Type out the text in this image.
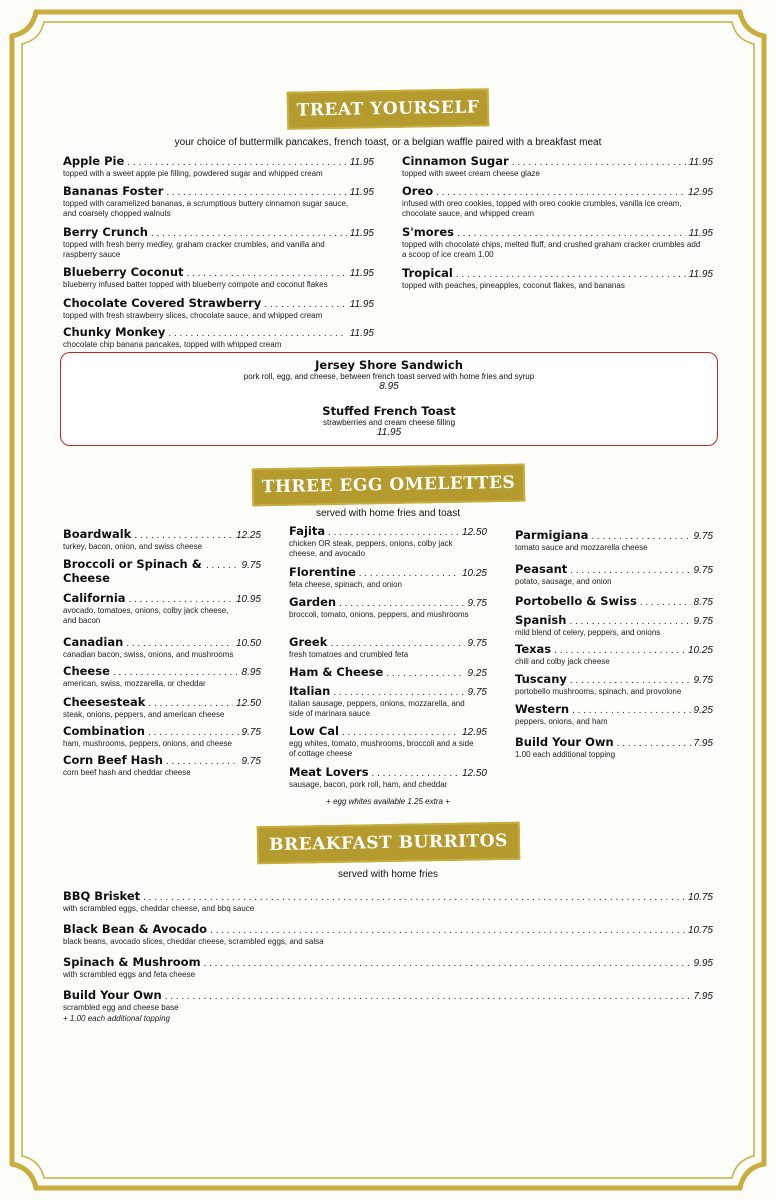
TREAT YOURSELF
your choice of buttermilk pancakes, french toast, or a belgian waffle paired with a breakfast meat
Apple Pie . . .	11.95
topped with a sweet apple pie filling, powdered sugar and whipped cream
Bananas Foster . . .	11.95
topped with caramelized bananas, a scrumptious buttery cinnamon sugar sauce, and coarsely chopped walnuts
Berry Crunch . . .	11.95
topped with fresh berry medley, graham cracker crumbles, and vanilla and raspberry sauce
Blueberry Coconut . . .	11.95
blueberry infused batter topped with blueberry compote and coconut flakes
Chocolate Covered Strawberry . . .	11.95
topped with fresh strawberry slices, chocolate sauce, and whipped cream
Chunky Monkey . . .	11.95
chocolate chip banana pancakes, topped with whipped cream
Cinnamon Sugar . . .	11.95
topped with sweet cream cheese glaze
Oreo . . .	12.95
infused with oreo cookies, topped with oreo cookie crumbles, vanilla ice cream, chocolate sauce, and whipped cream
S'mores . . .	11.95
topped with chocolate chips, melted fluff, and crushed graham cracker crumbles add a scoop of ice cream 1.00
Tropical . . .	11.95
topped with peaches, pineapples, coconut flakes, and bananas
Jersey Shore Sandwich
pork roll, egg, and cheese, between french toast served with home fries and syrup
8.95
Stuffed French Toast
strawberries and cream cheese filling
11.95
THREE EGG OMELETTES
served with home fries and toast
Boardwalk . . .	12.25
turkey, bacon, onion, and swiss cheese
Broccoli or Spinach & Cheese
. . .
9.75
California . . .	10.95
avocado, tomatoes, onions, colby jack cheese, and bacon
Canadian . . .	10.50
canadian bacon, swiss, onions, and mushrooms
Cheese . . .	8.95
american, swiss, mozzarella, or cheddar
Cheesesteak . . .	12.50
steak, onions, peppers, and american cheese
Combination . . .	9.75
ham, mushrooms, peppers, onions, and cheese
Corn Beef Hash . . .	9.75
corn beef hash and cheddar cheese
Fajita . . .	12.50
chicken OR steak, peppers, onions, colby jack cheese, and avocado
Florentine . . .	10.25
feta cheese, spinach, and onion
Garden . . .	9.75
broccoli, tomato, onions, peppers, and mushrooms
Greek . . .	9.75
fresh tomatoes and crumbled feta
Ham & Cheese . . .	9.25
Italian . . .	9.75
italian sausage, peppers, onions, mozzarella, and side of marinara sauce
Low Cal . . .	12.95
egg whites, tomato, mushrooms, broccoli and a side of cottage cheese
Meat Lovers . . .	12.50
sausage, bacon, pork roll, ham, and cheddar
Parmigiana . . .	9.75
tomato sauce and mozzarella cheese
Peasant . . .	9.75
potato, sausage, and onion
Portobello & Swiss . . .	8.75
Spanish . . .	9.75
mild blend of celery, peppers, and onions
Texas . . .	10.25
chili and colby jack cheese
Tuscany . . .	9.75
portobello mushrooms, spinach, and provolone
Western . . .	9.25
peppers, onions, and ham
Build Your Own . . .	7.95
1.00 each additional topping
+ egg whites available 1.25 extra +
BREAKFAST BURRITOS
served with home fries
BBQ Brisket . . .	10.75
with scrambled eggs, cheddar cheese, and bbq sauce
Black Bean & Avocado . . .	10.75
black beans, avocado slices, cheddar cheese, scrambled eggs, and salsa
Spinach & Mushroom . . .	9.95
with scrambled eggs and feta cheese
Build Your Own . . .	7.95
scrambled egg and cheese base
+ 1.00 each additional topping
